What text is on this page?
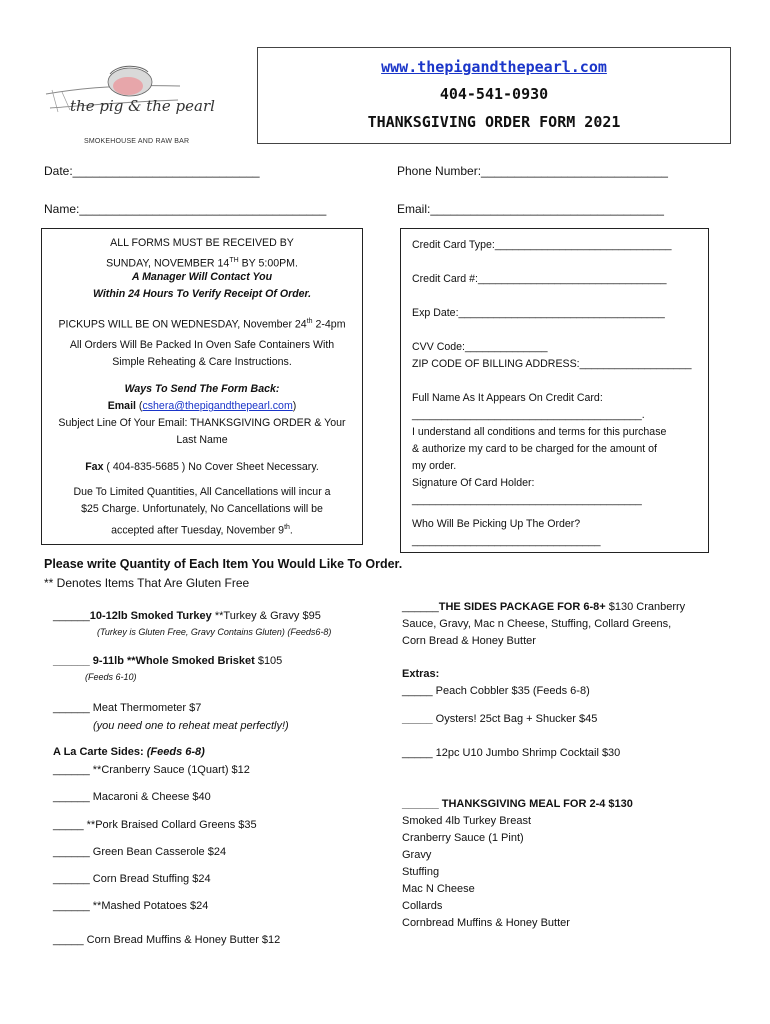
the pig & the pearl
SMOKEHOUSE AND RAW BAR
www.thepigandthepearl.com
404-541-0930
THANKSGIVING ORDER FORM 2021
Date:____________________________	Phone Number:____________________________
Name:_____________________________________	Email:___________________________________

ALL FORMS MUST BE RECEIVED BY

SUNDAY, NOVEMBER 14TH BY 5:00PM.

A Manager Will Contact You

Within 24 Hours To Verify Receipt Of Order.

PICKUPS WILL BE ON WEDNESDAY, November 24th 2-4pm

All Orders Will Be Packed In Oven Safe Containers With

Simple Reheating & Care Instructions.

Ways To Send The Form Back:

Email (cshera@thepigandthepearl.com)

Subject Line Of Your Email: THANKSGIVING ORDER & Your

Last Name

Fax ( 404-835-5685 ) No Cover Sheet Necessary.

Due To Limited Quantities, All Cancellations will incur a

$25 Charge. Unfortunately, No Cancellations will be

accepted after Tuesday, November 9th.

Credit Card Type:______________________________
Credit Card #:________________________________
Exp Date:___________________________________
CVV Code:______________
ZIP CODE OF BILLING ADDRESS:___________________
Full Name As It Appears On Credit Card:
_______________________________________.
I understand all conditions and terms for this purchase
& authorize my card to be charged for the amount of
my order.
Signature Of Card Holder:
_______________________________________
Who Will Be Picking Up The Order?
________________________________
Please write Quantity of Each Item You Would Like To Order.
** Denotes Items That Are Gluten Free
______10-12lb Smoked Turkey **Turkey & Gravy $95
(Turkey is Gluten Free, Gravy Contains Gluten) (Feeds6-8)
______ 9-11lb **Whole Smoked Brisket $105
(Feeds 6-10)
______ Meat Thermometer $7
(you need one to reheat meat perfectly!)
A La Carte Sides: (Feeds 6-8)
______ **Cranberry Sauce (1Quart) $12
______ Macaroni & Cheese $40
_____ **Pork Braised Collard Greens $35
______ Green Bean Casserole $24
______ Corn Bread Stuffing $24
______ **Mashed Potatoes $24
_____ Corn Bread Muffins & Honey Butter $12
______THE SIDES PACKAGE FOR 6-8+ $130 Cranberry
Sauce, Gravy, Mac n Cheese, Stuffing, Collard Greens,
Corn Bread & Honey Butter
Extras:
_____ Peach Cobbler $35 (Feeds 6-8)
_____ Oysters! 25ct Bag + Shucker $45
_____ 12pc U10 Jumbo Shrimp Cocktail $30
______ THANKSGIVING MEAL FOR 2-4 $130
Smoked 4lb Turkey Breast
Cranberry Sauce (1 Pint)
Gravy
Stuffing
Mac N Cheese
Collards
Cornbread Muffins & Honey Butter
